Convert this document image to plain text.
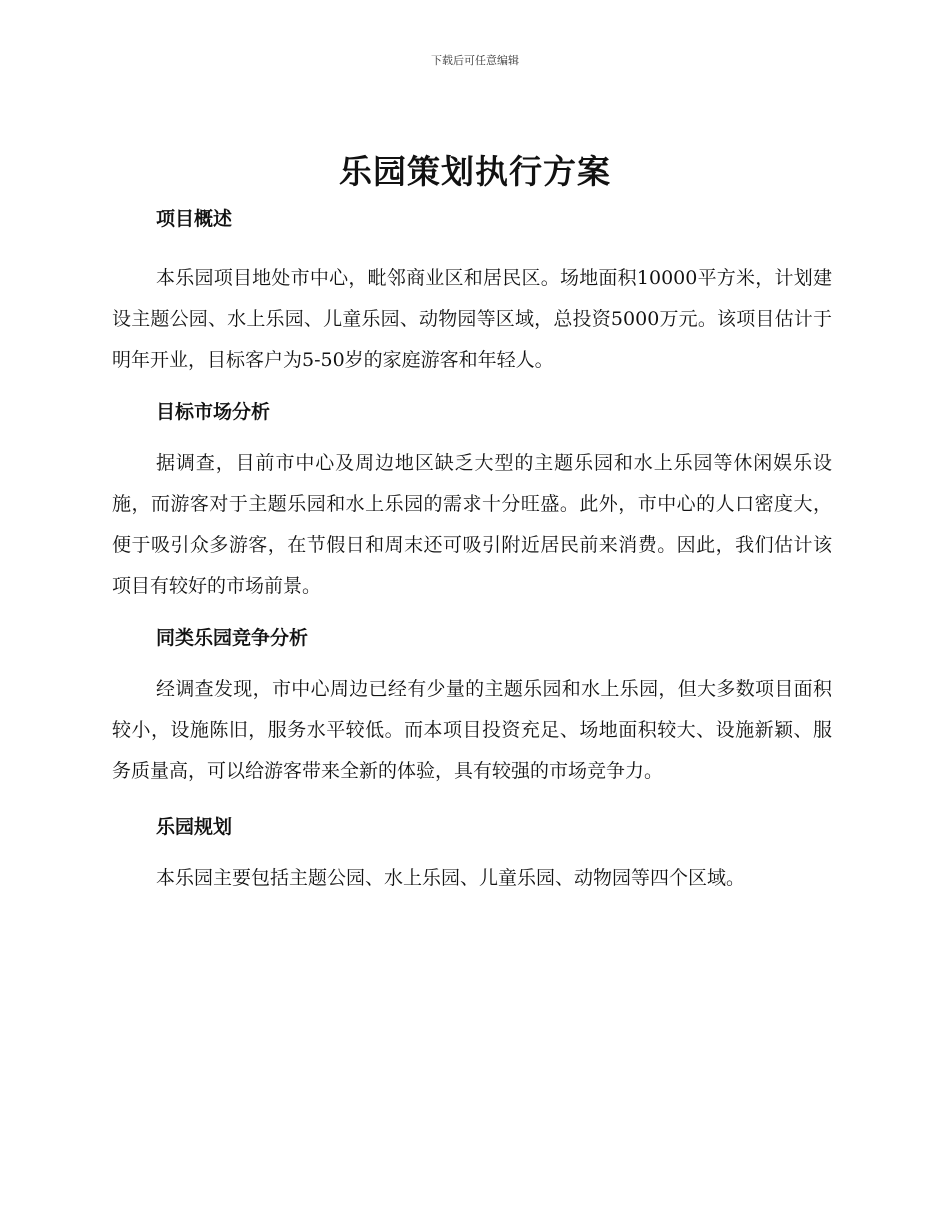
下载后可任意编辑
乐园策划执行方案
项目概述

本乐园项目地处市中心，毗邻商业区和居民区。场地面积10000平方米，计划建设主题公园、水上乐园、儿童乐园、动物园等区域，总投资5000万元。该项目估计于明年开业，目标客户为5-50岁的家庭游客和年轻人。

目标市场分析

据调查，目前市中心及周边地区缺乏大型的主题乐园和水上乐园等休闲娱乐设施，而游客对于主题乐园和水上乐园的需求十分旺盛。此外，市中心的人口密度大，便于吸引众多游客，在节假日和周末还可吸引附近居民前来消费。因此，我们估计该项目有较好的市场前景。

同类乐园竞争分析

经调查发现，市中心周边已经有少量的主题乐园和水上乐园，但大多数项目面积较小，设施陈旧，服务水平较低。而本项目投资充足、场地面积较大、设施新颖、服务质量高，可以给游客带来全新的体验，具有较强的市场竞争力。

乐园规划

本乐园主要包括主题公园、水上乐园、儿童乐园、动物园等四个区域。
